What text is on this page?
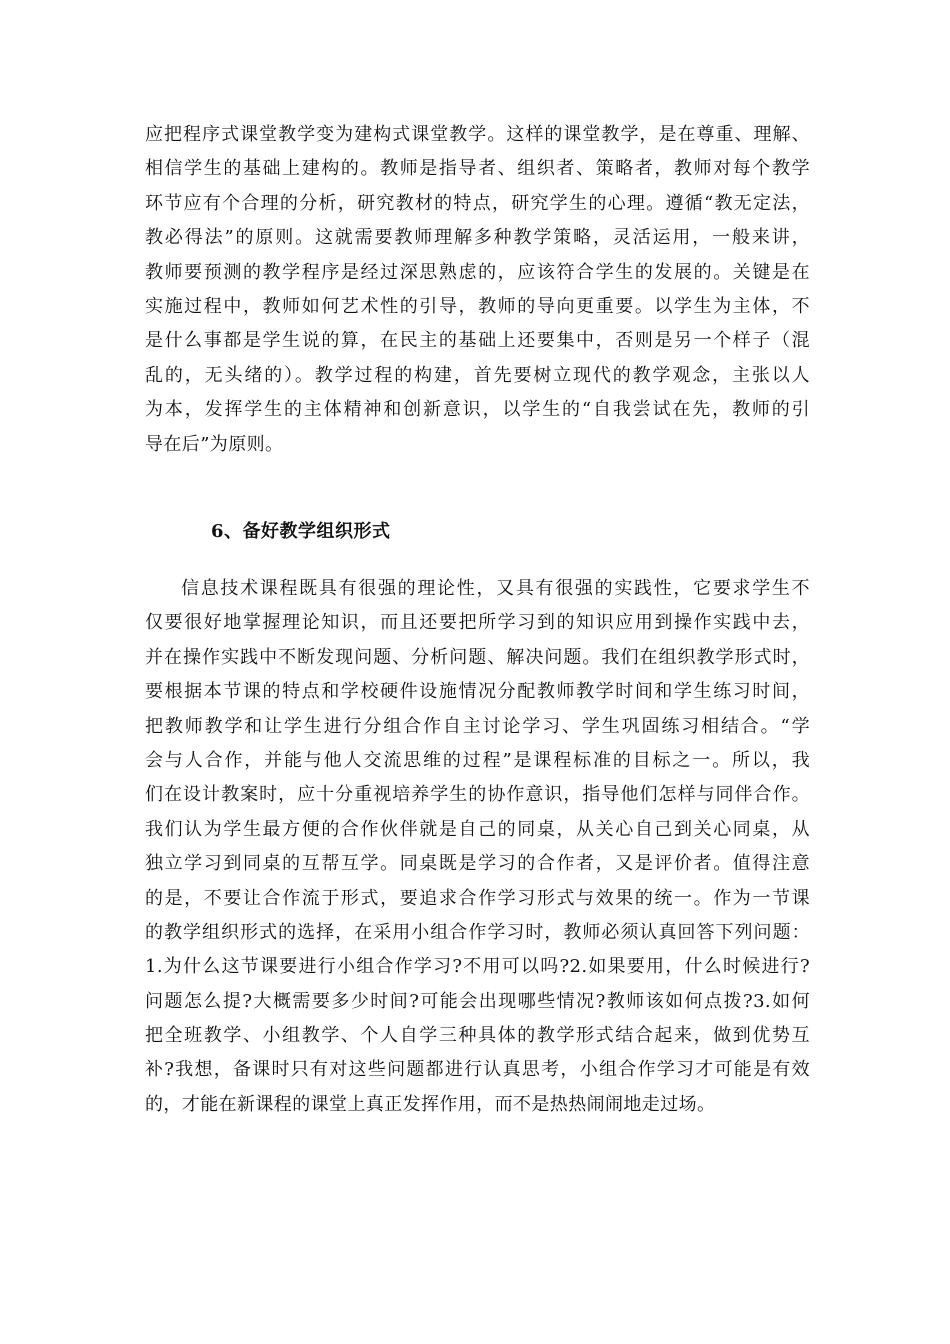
应把程序式课堂教学变为建构式课堂教学。这样的课堂教学，是在尊重、理解、
相信学生的基础上建构的。教师是指导者、组织者、策略者，教师对每个教学
环节应有个合理的分析，研究教材的特点，研究学生的心理。遵循“教无定法，
教必得法”的原则。这就需要教师理解多种教学策略，灵活运用，一般来讲，
教师要预测的教学程序是经过深思熟虑的，应该符合学生的发展的。关键是在
实施过程中，教师如何艺术性的引导，教师的导向更重要。以学生为主体，不
是什么事都是学生说的算，在民主的基础上还要集中，否则是另一个样子（混
乱的，无头绪的）。教学过程的构建，首先要树立现代的教学观念，主张以人
为本，发挥学生的主体精神和创新意识，以学生的“自我尝试在先，教师的引
导在后”为原则。
6、备好教学组织形式
信息技术课程既具有很强的理论性，又具有很强的实践性，它要求学生不
仅要很好地掌握理论知识，而且还要把所学习到的知识应用到操作实践中去，
并在操作实践中不断发现问题、分析问题、解决问题。我们在组织教学形式时，
要根据本节课的特点和学校硬件设施情况分配教师教学时间和学生练习时间，
把教师教学和让学生进行分组合作自主讨论学习、学生巩固练习相结合。“学
会与人合作，并能与他人交流思维的过程”是课程标准的目标之一。所以，我
们在设计教案时，应十分重视培养学生的协作意识，指导他们怎样与同伴合作。
我们认为学生最方便的合作伙伴就是自己的同桌，从关心自己到关心同桌，从
独立学习到同桌的互帮互学。同桌既是学习的合作者，又是评价者。值得注意
的是，不要让合作流于形式，要追求合作学习形式与效果的统一。作为一节课
的教学组织形式的选择，在采用小组合作学习时，教师必须认真回答下列问题：
1.为什么这节课要进行小组合作学习?不用可以吗?2.如果要用，什么时候进行?
问题怎么提?大概需要多少时间?可能会出现哪些情况?教师该如何点拨?3.如何
把全班教学、小组教学、个人自学三种具体的教学形式结合起来，做到优势互
补?我想，备课时只有对这些问题都进行认真思考，小组合作学习才可能是有效
的，才能在新课程的课堂上真正发挥作用，而不是热热闹闹地走过场。
